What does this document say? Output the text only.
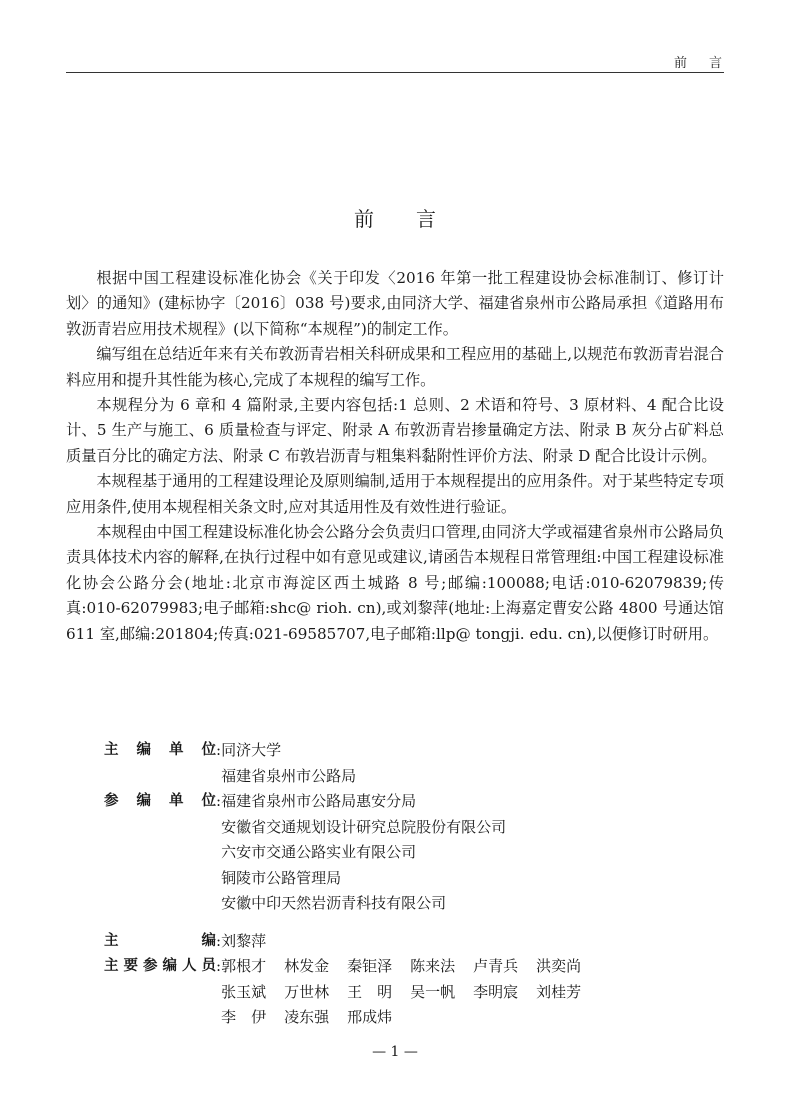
前言
前言

根据中国工程建设标准化协会《关于印发〈2016 年第一批工程建设协会标准制订、修订计划〉的通知》(建标协字〔2016〕038 号)要求,由同济大学、福建省泉州市公路局承担《道路用布敦沥青岩应用技术规程》(以下简称“本规程”)的制定工作。

编写组在总结近年来有关布敦沥青岩相关科研成果和工程应用的基础上,以规范布敦沥青岩混合料应用和提升其性能为核心,完成了本规程的编写工作。

本规程分为 6 章和 4 篇附录,主要内容包括:1 总则、2 术语和符号、3 原材料、4 配合比设计、5 生产与施工、6 质量检查与评定、附录 A 布敦沥青岩掺量确定方法、附录 B 灰分占矿料总质量百分比的确定方法、附录 C 布敦岩沥青与粗集料黏附性评价方法、附录 D 配合比设计示例。

本规程基于通用的工程建设理论及原则编制,适用于本规程提出的应用条件。对于某些特定专项应用条件,使用本规程相关条文时,应对其适用性及有效性进行验证。

本规程由中国工程建设标准化协会公路分会负责归口管理,由同济大学或福建省泉州市公路局负责具体技术内容的解释,在执行过程中如有意见或建议,请函告本规程日常管理组:中国工程建设标准化协会公路分会(地址:北京市海淀区西土城路 8 号;邮编:100088;电话:010-62079839;传真:010-62079983;电子邮箱:shc@ rioh. cn),或刘黎萍(地址:上海嘉定曹安公路 4800 号通达馆 611 室,邮编:201804;传真:021-69585707,电子邮箱:llp@ tongji. edu. cn),以便修订时研用。

主 编 单 位 : 同济大学
福建省泉州市公路局
参 编 单 位 : 福建省泉州市公路局惠安分局
安徽省交通规划设计研究总院股份有限公司
六安市交通公路实业有限公司
铜陵市公路管理局
安徽中印天然岩沥青科技有限公司
主	编 : 刘黎萍
主 要 参 编 人 员 : 郭根才	林发金	秦钜泽	陈来法	卢青兵	洪奕尚
张玉斌	万世林	王　明	吴一帆	李明宸	刘桂芳
李　伊	凌东强	邢成炜
— 1 —
